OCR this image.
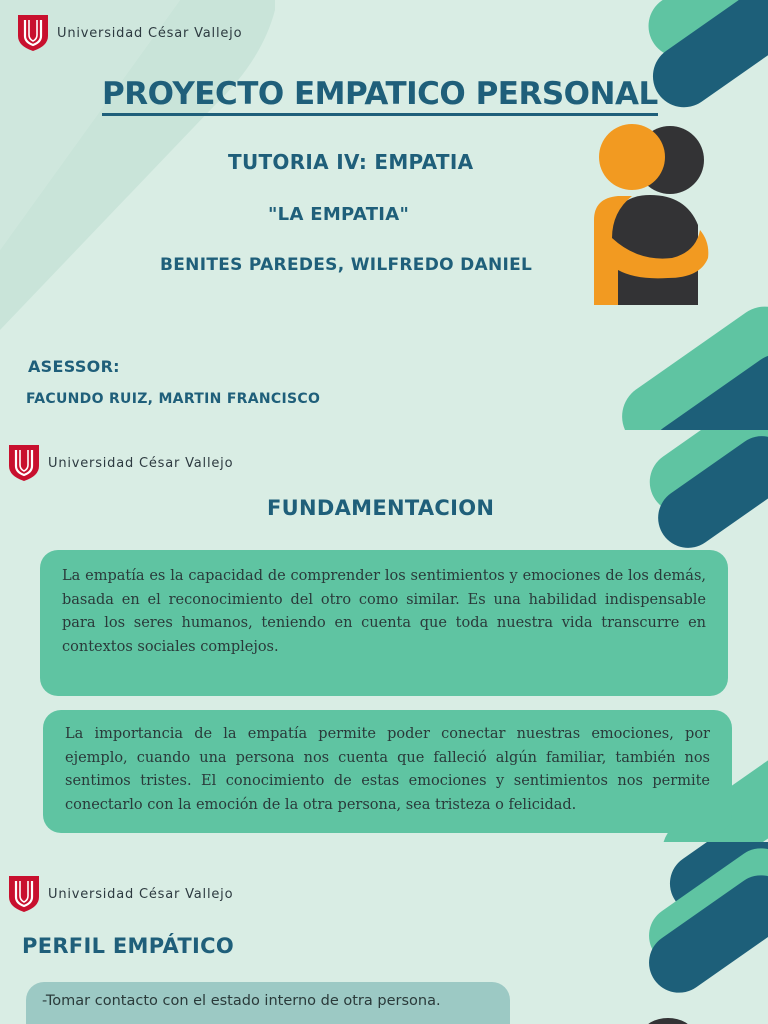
Universidad César Vallejo
PROYECTO EMPATICO PERSONAL
TUTORIA IV: EMPATIA
"LA EMPATIA"
BENITES PAREDES, WILFREDO DANIEL
ASESSOR:
FACUNDO RUIZ, MARTIN FRANCISCO
Universidad César Vallejo
FUNDAMENTACION

La empatía es la capacidad de comprender los sentimientos y emociones de los demás, basada en el reconocimiento del otro como similar. Es una habilidad indispensable para los seres humanos, teniendo en cuenta que toda nuestra vida transcurre en contextos sociales complejos.

La importancia de la empatía permite poder conectar nuestras emociones, por ejemplo, cuando una persona nos cuenta que falleció algún familiar, también nos sentimos tristes. El conocimiento de estas emociones y sentimientos nos permite conectarlo con la emoción de la otra persona, sea tristeza o felicidad.

Universidad César Vallejo
PERFIL EMPÁTICO

-Tomar contacto con el estado interno de otra persona.
